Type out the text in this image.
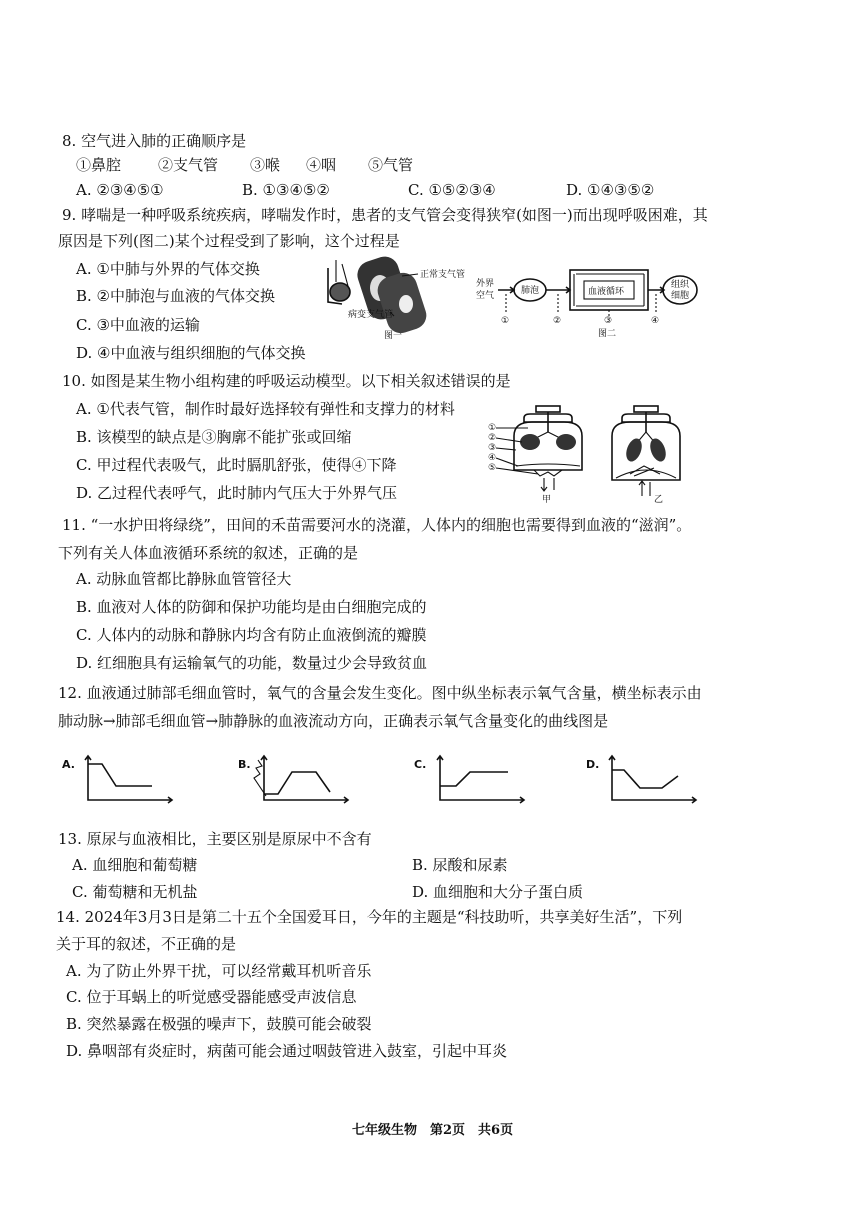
8. 空气进入肺的正确顺序是
①鼻腔 ②支气管 ③喉 ④咽 ⑤气管
A. ②③④⑤①	B. ①③④⑤②	C. ①⑤②③④	D. ①④③⑤②
9. 哮喘是一种呼吸系统疾病，哮喘发作时，患者的支气管会变得狭窄(如图一)而出现呼吸困难，其
原因是下列(图二)某个过程受到了影响，这个过程是
A. ①中肺与外界的气体交换
B. ②中肺泡与血液的气体交换
C. ③中血液的运输
D. ④中血液与组织细胞的气体交换
正常支气管
病变支气管
图一
外界
空气	肺泡	血液循环
组织
细胞
①	②	③	④
图二
10. 如图是某生物小组构建的呼吸运动模型。以下相关叙述错误的是
A. ①代表气管，制作时最好选择较有弹性和支撑力的材料
B. 该模型的缺点是③胸廓不能扩张或回缩
C. 甲过程代表吸气，此时膈肌舒张，使得④下降
D. 乙过程代表呼气，此时肺内气压大于外界气压
①
②
③
④
⑤
甲	乙
11. “一水护田将绿绕”，田间的禾苗需要河水的浇灌，人体内的细胞也需要得到血液的“滋润”。
下列有关人体血液循环系统的叙述，正确的是
A. 动脉血管都比静脉血管管径大
B. 血液对人体的防御和保护功能均是由白细胞完成的
C. 人体内的动脉和静脉内均含有防止血液倒流的瓣膜
D. 红细胞具有运输氧气的功能，数量过少会导致贫血
12. 血液通过肺部毛细血管时，氧气的含量会发生变化。图中纵坐标表示氧气含量，横坐标表示由
肺动脉→肺部毛细血管→肺静脉的血液流动方向，正确表示氧气含量变化的曲线图是
A.	B.	C.	D.
13. 原尿与血液相比，主要区别是原尿中不含有
A. 血细胞和葡萄糖	B. 尿酸和尿素
C. 葡萄糖和无机盐	D. 血细胞和大分子蛋白质
14. 2024年3月3日是第二十五个全国爱耳日，今年的主题是“科技助听，共享美好生活”，下列
关于耳的叙述，不正确的是
A. 为了防止外界干扰，可以经常戴耳机听音乐
C. 位于耳蜗上的听觉感受器能感受声波信息
B. 突然暴露在极强的噪声下，鼓膜可能会破裂
D. 鼻咽部有炎症时，病菌可能会通过咽鼓管进入鼓室，引起中耳炎
七年级生物　第2页　共6页
